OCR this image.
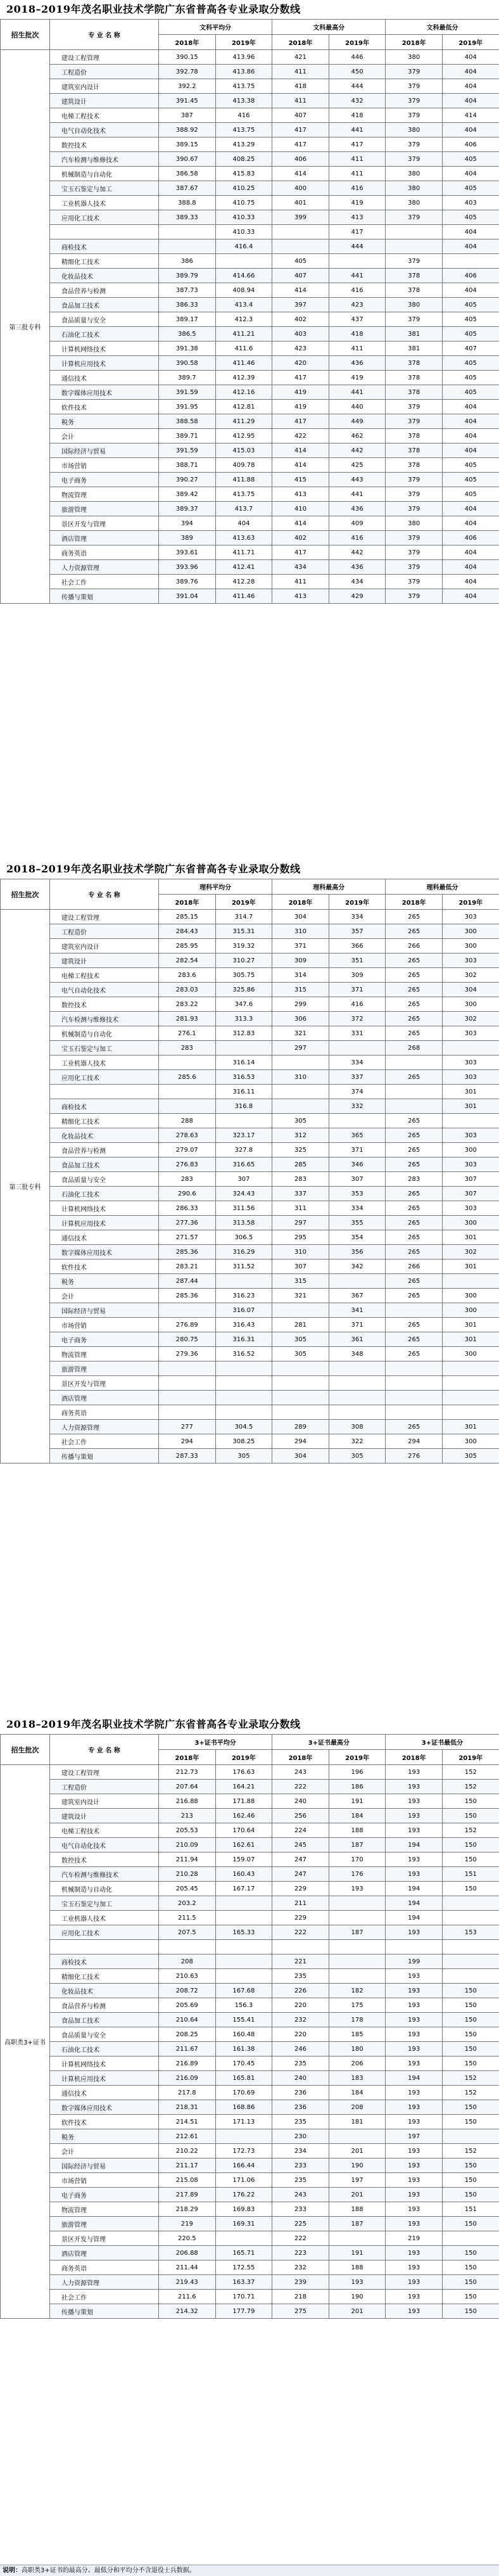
2018–2019年茂名职业技术学院广东省普高各专业录取分数线
招生批次	专 业 名 称	文科平均分		文科最高分		文科最低分	
		2018年	2019年	2018年	2019年	2018年	2019年
第三批专科	建设工程管理	390.15	413.96	421	446	380	404
	工程造价	392.78	413.86	411	450	379	404
	建筑室内设计	392.2	413.75	418	444	379	404
	建筑设计	391.45	413.38	411	432	379	404
	电梯工程技术	387	416	407	418	379	414
	电气自动化技术	388.92	413.75	417	441	380	404
	数控技术	389.15	413.29	417	417	379	406
	汽车检测与维修技术	390.67	408.25	406	411	379	405
	机械制造与自动化	386.58	415.83	414	411	380	404
	宝玉石鉴定与加工	387.67	410.25	400	416	380	405
	工业机器人技术	388.8	410.75	401	419	380	403
	应用化工技术	389.33	410.33	399	413	379	405
			410.33		417		404
	商检技术		416.4		444		404
	精细化工技术	386		405		379	
	化妆品技术	389.79	414.66	407	441	378	406
	食品营养与检测	387.73	408.94	414	416	378	404
	食品加工技术	386.33	413.4	397	423	380	405
	食品质量与安全	389.17	412.3	402	437	379	405
	石油化工技术	386.5	411.21	403	418	381	405
	计算机网络技术	391.38	411.6	423	411	381	407
	计算机应用技术	390.58	411.46	420	436	378	405
	通信技术	389.7	412.39	417	419	378	405
	数字媒体应用技术	391.59	412.16	419	441	378	405
	软件技术	391.95	412.81	419	440	379	404
	税务	388.58	411.29	417	449	379	404
	会计	389.71	412.95	422	462	378	404
	国际经济与贸易	391.59	415.03	414	442	378	404
	市场营销	388.71	409.78	414	425	378	405
	电子商务	390.27	411.88	415	443	379	405
	物流管理	389.42	413.75	413	441	379	405
	旅游管理	389.37	413.7	410	436	379	404
	景区开发与管理	394	404	414	409	380	404
	酒店管理	389	413.63	402	416	379	406
	商务英语	393.61	411.71	417	442	379	404
	人力资源管理	393.96	412.41	434	436	379	404
	社会工作	389.76	412.28	411	434	379	404
	传播与策划	391.04	411.46	413	429	379	404
2018–2019年茂名职业技术学院广东省普高各专业录取分数线
招生批次	专 业 名 称	理科平均分		理科最高分		理科最低分	
		2018年	2019年	2018年	2019年	2018年	2019年
第三批专科	建设工程管理	285.15	314.7	304	334	265	303
	工程造价	284.43	315.31	310	357	265	300
	建筑室内设计	285.95	319.32	371	366	266	300
	建筑设计	282.54	310.27	309	351	265	303
	电梯工程技术	283.6	305.75	314	309	265	302
	电气自动化技术	283.03	325.86	315	371	265	304
	数控技术	283.22	347.6	299	416	265	300
	汽车检测与维修技术	281.93	313.3	306	372	265	302
	机械制造与自动化	276.1	312.83	321	331	265	303
	宝玉石鉴定与加工	283		297		268	
	工业机器人技术		316.14		334		303
	应用化工技术	285.6	316.53	310	337	265	303
			316.11		374		301
	商检技术		316.8		332		301
	精细化工技术	288		305		265	
	化妆品技术	278.63	323.17	312	365	265	303
	食品营养与检测	279.07	327.8	325	371	265	300
	食品加工技术	276.83	316.65	285	346	265	303
	食品质量与安全	283	307	283	307	283	307
	石油化工技术	290.6	324.43	337	353	265	307
	计算机网络技术	286.33	311.56	311	334	265	303
	计算机应用技术	277.36	313.58	297	355	265	300
	通信技术	271.57	306.5	295	354	265	301
	数字媒体应用技术	285.36	316.29	310	356	265	302
	软件技术	283.21	311.52	307	342	266	301
	税务	287.44		315		265	
	会计	285.36	316.23	321	367	265	300
	国际经济与贸易		316.07		341		300
	市场营销	276.89	316.43	281	371	265	301
	电子商务	280.75	316.31	305	361	265	301
	物流管理	279.36	316.52	305	348	265	300
	旅游管理						
	景区开发与管理						
	酒店管理						
	商务英语						
	人力资源管理	277	304.5	289	308	265	301
	社会工作	294	308.25	294	322	294	300
	传播与策划	287.33	305	304	305	276	305
2018–2019年茂名职业技术学院广东省普高各专业录取分数线
招生批次	专 业 名 称	3+证书平均分		3+证书最高分		3+证书最低分	
		2018年	2019年	2018年	2019年	2018年	2019年
高职类3+证书	建设工程管理	212.73	176.63	243	196	193	152
	工程造价	207.64	164.21	222	186	193	152
	建筑室内设计	216.88	171.88	240	191	193	150
	建筑设计	213	162.46	256	184	193	150
	电梯工程技术	205.53	170.64	224	188	193	152
	电气自动化技术	210.09	162.61	245	187	194	150
	数控技术	211.94	159.07	247	170	193	150
	汽车检测与维修技术	210.28	160.43	247	176	193	151
	机械制造与自动化	205.45	167.17	229	193	194	150
	宝玉石鉴定与加工	203.2		211		194	
	工业机器人技术	211.5		229		194	
	应用化工技术	207.5	165.33	222	187	193	153

	商检技术	208		221		199	
	精细化工技术	210.63		235		193	
	化妆品技术	208.72	167.68	226	182	193	150
	食品营养与检测	205.69	156.3	220	175	193	150
	食品加工技术	210.64	155.41	232	178	193	150
	食品质量与安全	208.25	160.48	220	185	193	150
	石油化工技术	211.67	161.38	246	180	193	150
	计算机网络技术	216.89	170.45	235	206	193	150
	计算机应用技术	216.09	165.81	240	183	194	152
	通信技术	217.8	170.69	236	184	193	152
	数字媒体应用技术	218.31	168.86	236	208	193	150
	软件技术	214.51	171.13	235	181	193	150
	税务	212.61		230		197	
	会计	210.22	172.73	234	201	193	152
	国际经济与贸易	211.17	166.44	233	190	193	150
	市场营销	215.08	171.06	235	197	193	150
	电子商务	217.89	176.22	243	201	193	150
	物流管理	218.29	169.83	233	188	193	151
	旅游管理	219	169.31	225	187	193	150
	景区开发与管理	220.5		222		219	
	酒店管理	206.88	165.71	223	191	193	150
	商务英语	211.44	172.55	232	188	193	150
	人力资源管理	219.43	163.37	239	193	193	150
	社会工作	211.6	170.71	218	190	193	150
	传播与策划	214.32	177.79	275	201	193	150
说明：高职类3+证书的最高分、最低分和平均分不含退役士兵数据。
